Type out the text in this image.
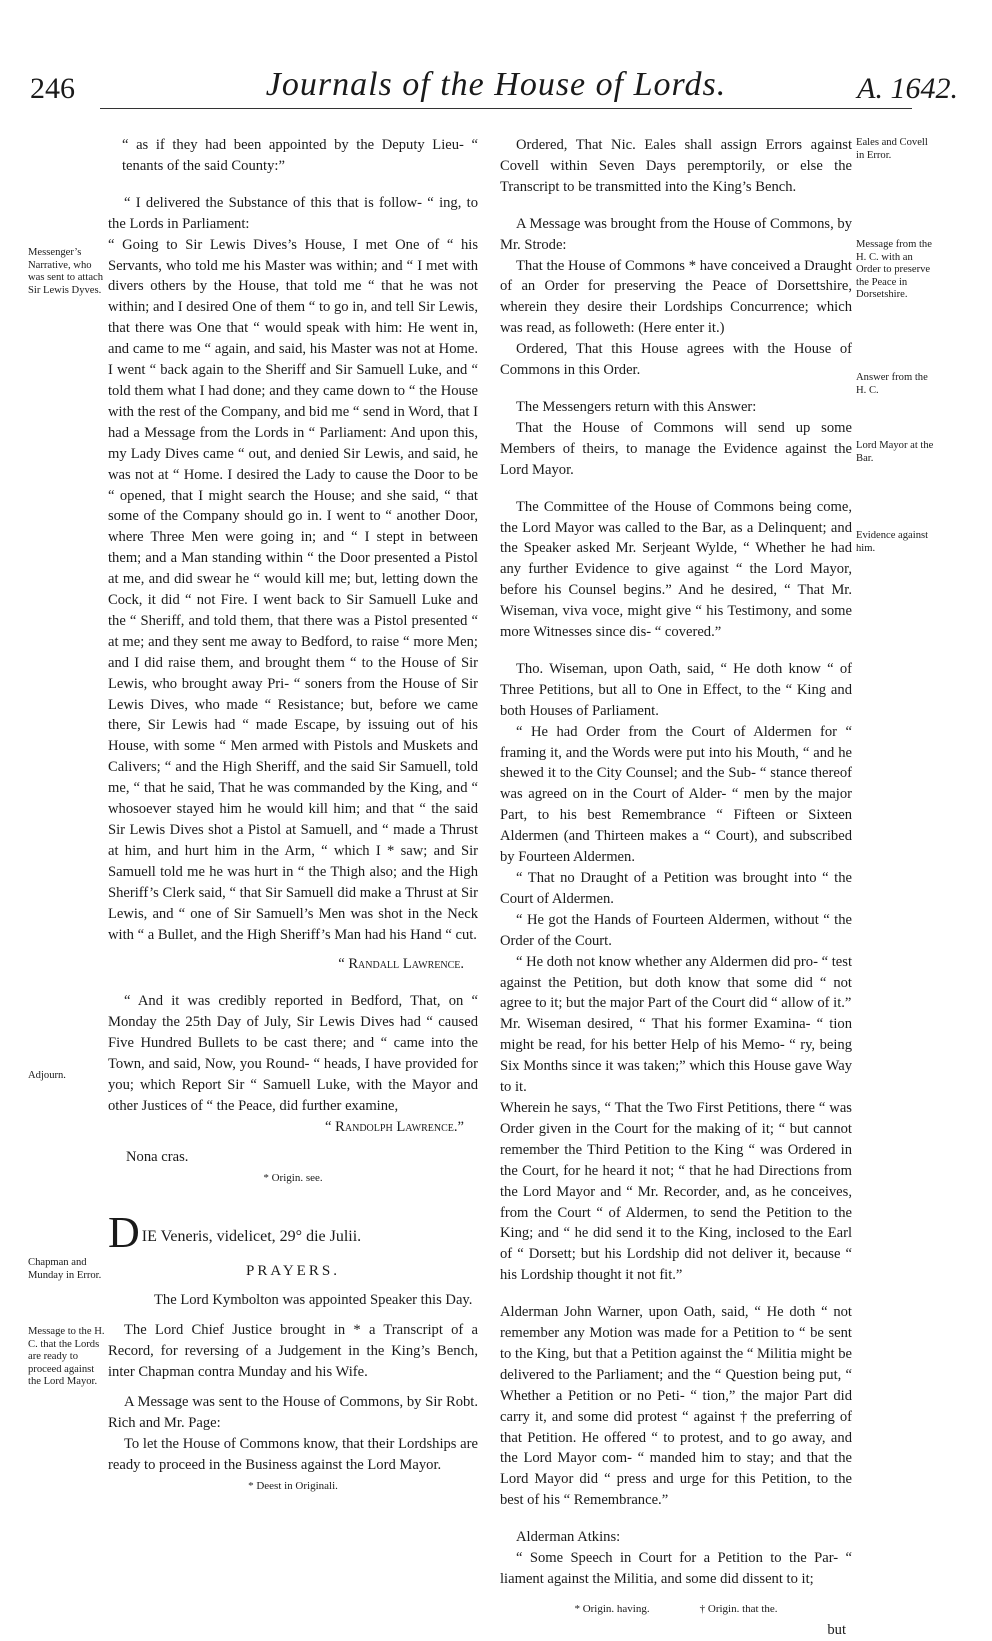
246	Journals of the House of Lords.	A. 1642.
Messenger’s Narrative, who was sent to attach Sir Lewis Dyves.
Adjourn.
Chapman and Munday in Error.
Message to the H. C. that the Lords are ready to proceed against the Lord Mayor.
Eales and Covell in Error.
Message from the H. C. with an Order to preserve the Peace in Dorsetshire.
Answer from the H. C.
Lord Mayor at the Bar.
Evidence against him.

“ as if they had been appointed by the Deputy Lieu- “ tenants of the said County:”

“ I delivered the Substance of this that is follow- “ ing, to the Lords in Parliament:

“ Going to Sir Lewis Dives’s House, I met One of “ his Servants, who told me his Master was within; and “ I met with divers others by the House, that told me “ that he was not within; and I desired One of them “ to go in, and tell Sir Lewis, that there was One that “ would speak with him: He went in, and came to me “ again, and said, his Master was not at Home. I went “ back again to the Sheriff and Sir Samuell Luke, and “ told them what I had done; and they came down to “ the House with the rest of the Company, and bid me “ send in Word, that I had a Message from the Lords in “ Parliament: And upon this, my Lady Dives came “ out, and denied Sir Lewis, and said, he was not at “ Home. I desired the Lady to cause the Door to be “ opened, that I might search the House; and she said, “ that some of the Company should go in. I went to “ another Door, where Three Men were going in; and “ I stept in between them; and a Man standing within “ the Door presented a Pistol at me, and did swear he “ would kill me; but, letting down the Cock, it did “ not Fire. I went back to Sir Samuell Luke and the “ Sheriff, and told them, that there was a Pistol presented “ at me; and they sent me away to Bedford, to raise “ more Men; and I did raise them, and brought them “ to the House of Sir Lewis, who brought away Pri- “ soners from the House of Sir Lewis Dives, who made “ Resistance; but, before we came there, Sir Lewis had “ made Escape, by issuing out of his House, with some “ Men armed with Pistols and Muskets and Calivers; “ and the High Sheriff, and the said Sir Samuell, told me, “ that he said, That he was commanded by the King, and “ whosoever stayed him he would kill him; and that “ the said Sir Lewis Dives shot a Pistol at Samuell, and “ made a Thrust at him, and hurt him in the Arm, “ which I * saw; and Sir Samuell told me he was hurt in “ the Thigh also; and the High Sheriff’s Clerk said, “ that Sir Samuell did make a Thrust at Sir Lewis, and “ one of Sir Samuell’s Men was shot in the Neck with “ a Bullet, and the High Sheriff’s Man had his Hand “ cut.

“ Randall Lawrence.

“ And it was credibly reported in Bedford, That, on “ Monday the 25th Day of July, Sir Lewis Dives had “ caused Five Hundred Bullets to be cast there; and “ came into the Town, and said, Now, you Round- “ heads, I have provided for you; which Report Sir “ Samuell Luke, with the Mayor and other Justices of “ the Peace, did further examine,

“ Randolph Lawrence.”

Nona cras.

* Origin. see.

DIE Veneris, videlicet, 29° die Julii.

PRAYERS.

The Lord Kymbolton was appointed Speaker this Day.

The Lord Chief Justice brought in * a Transcript of a Record, for reversing of a Judgement in the King’s Bench, inter Chapman contra Munday and his Wife.

A Message was sent to the House of Commons, by Sir Robt. Rich and Mr. Page:

To let the House of Commons know, that their Lordships are ready to proceed in the Business against the Lord Mayor.

* Deest in Originali.

Ordered, That Nic. Eales shall assign Errors against Covell within Seven Days peremptorily, or else the Transcript to be transmitted into the King’s Bench.

A Message was brought from the House of Commons, by Mr. Strode:

That the House of Commons * have conceived a Draught of an Order for preserving the Peace of Dorsettshire, wherein they desire their Lordships Concurrence; which was read, as followeth: (Here enter it.)

Ordered, That this House agrees with the House of Commons in this Order.

The Messengers return with this Answer:

That the House of Commons will send up some Members of theirs, to manage the Evidence against the Lord Mayor.

The Committee of the House of Commons being come, the Lord Mayor was called to the Bar, as a Delinquent; and the Speaker asked Mr. Serjeant Wylde, “ Whether he had any further Evidence to give against “ the Lord Mayor, before his Counsel begins.” And he desired, “ That Mr. Wiseman, viva voce, might give “ his Testimony, and some more Witnesses since dis- “ covered.”

Tho. Wiseman, upon Oath, said, “ He doth know “ of Three Petitions, but all to One in Effect, to the “ King and both Houses of Parliament.

“ He had Order from the Court of Aldermen for “ framing it, and the Words were put into his Mouth, “ and he shewed it to the City Counsel; and the Sub- “ stance thereof was agreed on in the Court of Alder- “ men by the major Part, to his best Remembrance “ Fifteen or Sixteen Aldermen (and Thirteen makes a “ Court), and subscribed by Fourteen Aldermen.

“ That no Draught of a Petition was brought into “ the Court of Aldermen.

“ He got the Hands of Fourteen Aldermen, without “ the Order of the Court.

“ He doth not know whether any Aldermen did pro- “ test against the Petition, but doth know that some did “ not agree to it; but the major Part of the Court did “ allow of it.”

Mr. Wiseman desired, “ That his former Examina- “ tion might be read, for his better Help of his Memo- “ ry, being Six Months since it was taken;” which this House gave Way to it.

Wherein he says, “ That the Two First Petitions, there “ was Order given in the Court for the making of it; “ but cannot remember the Third Petition to the King “ was Ordered in the Court, for he heard it not; “ that he had Directions from the Lord Mayor and “ Mr. Recorder, and, as he conceives, from the Court “ of Aldermen, to send the Petition to the King; and “ he did send it to the King, inclosed to the Earl of “ Dorsett; but his Lordship did not deliver it, because “ his Lordship thought it not fit.”

Alderman John Warner, upon Oath, said, “ He doth “ not remember any Motion was made for a Petition to “ be sent to the King, but that a Petition against the “ Militia might be delivered to the Parliament; and the “ Question being put, “ Whether a Petition or no Peti- “ tion,” the major Part did carry it, and some did protest “ against † the preferring of that Petition. He offered “ to protest, and to go away, and the Lord Mayor com- “ manded him to stay; and that the Lord Mayor did “ press and urge for this Petition, to the best of his “ Remembrance.”

Alderman Atkins:

“ Some Speech in Court for a Petition to the Par- “ liament against the Militia, and some did dissent to it;

* Origin. having.	† Origin. that the.

but
